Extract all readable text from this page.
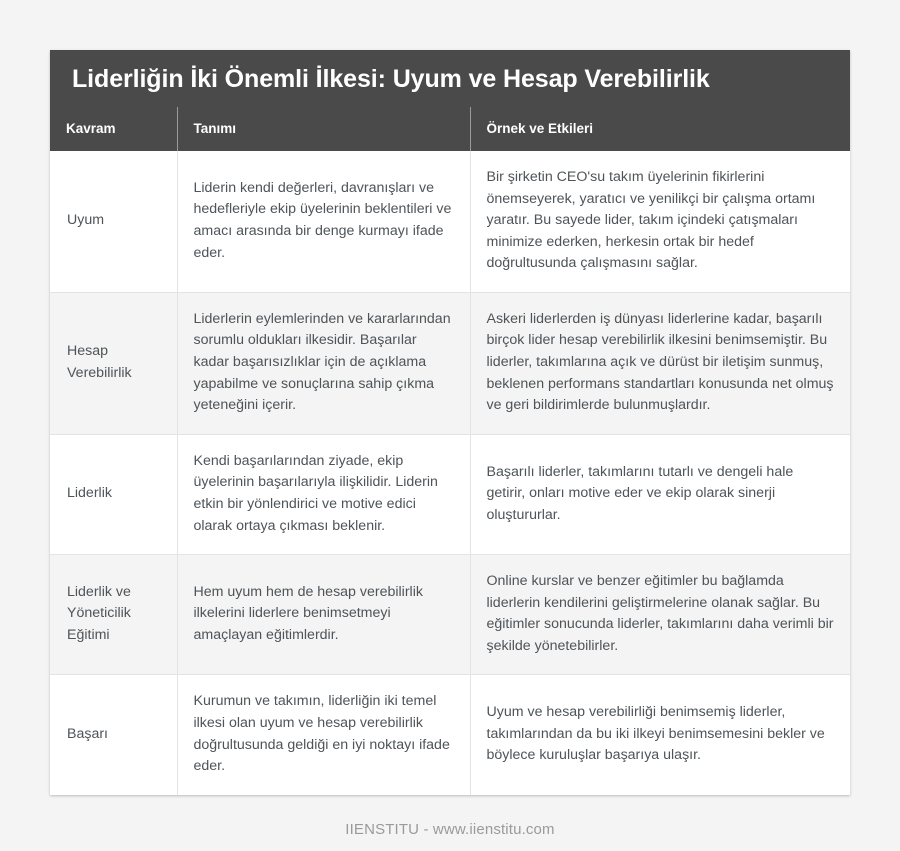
Liderliğin İki Önemli İlkesi: Uyum ve Hesap Verebilirlik
Kavram	Tanımı	Örnek ve Etkileri
Uyum	Liderin kendi değerleri, davranışları ve hedefleriyle ekip üyelerinin beklentileri ve amacı arasında bir denge kurmayı ifade eder.	Bir şirketin CEO'su takım üyelerinin fikirlerini önemseyerek, yaratıcı ve yenilikçi bir çalışma ortamı yaratır. Bu sayede lider, takım içindeki çatışmaları minimize ederken, herkesin ortak bir hedef doğrultusunda çalışmasını sağlar.
Hesap Verebilirlik	Liderlerin eylemlerinden ve kararlarından sorumlu oldukları ilkesidir. Başarılar kadar başarısızlıklar için de açıklama yapabilme ve sonuçlarına sahip çıkma yeteneğini içerir.	Askeri liderlerden iş dünyası liderlerine kadar, başarılı birçok lider hesap verebilirlik ilkesini benimsemiştir. Bu liderler, takımlarına açık ve dürüst bir iletişim sunmuş, beklenen performans standartları konusunda net olmuş ve geri bildirimlerde bulunmuşlardır.
Liderlik	Kendi başarılarından ziyade, ekip üyelerinin başarılarıyla ilişkilidir. Liderin etkin bir yönlendirici ve motive edici olarak ortaya çıkması beklenir.	Başarılı liderler, takımlarını tutarlı ve dengeli hale getirir, onları motive eder ve ekip olarak sinerji oluştururlar.
Liderlik ve Yöneticilik Eğitimi	Hem uyum hem de hesap verebilirlik ilkelerini liderlere benimsetmeyi amaçlayan eğitimlerdir.	Online kurslar ve benzer eğitimler bu bağlamda liderlerin kendilerini geliştirmelerine olanak sağlar. Bu eğitimler sonucunda liderler, takımlarını daha verimli bir şekilde yönetebilirler.
Başarı	Kurumun ve takımın, liderliğin iki temel ilkesi olan uyum ve hesap verebilirlik doğrultusunda geldiği en iyi noktayı ifade eder.	Uyum ve hesap verebilirliği benimsemiş liderler, takımlarından da bu iki ilkeyi benimsemesini bekler ve böylece kuruluşlar başarıya ulaşır.
IIENSTITU - www.iienstitu.com
